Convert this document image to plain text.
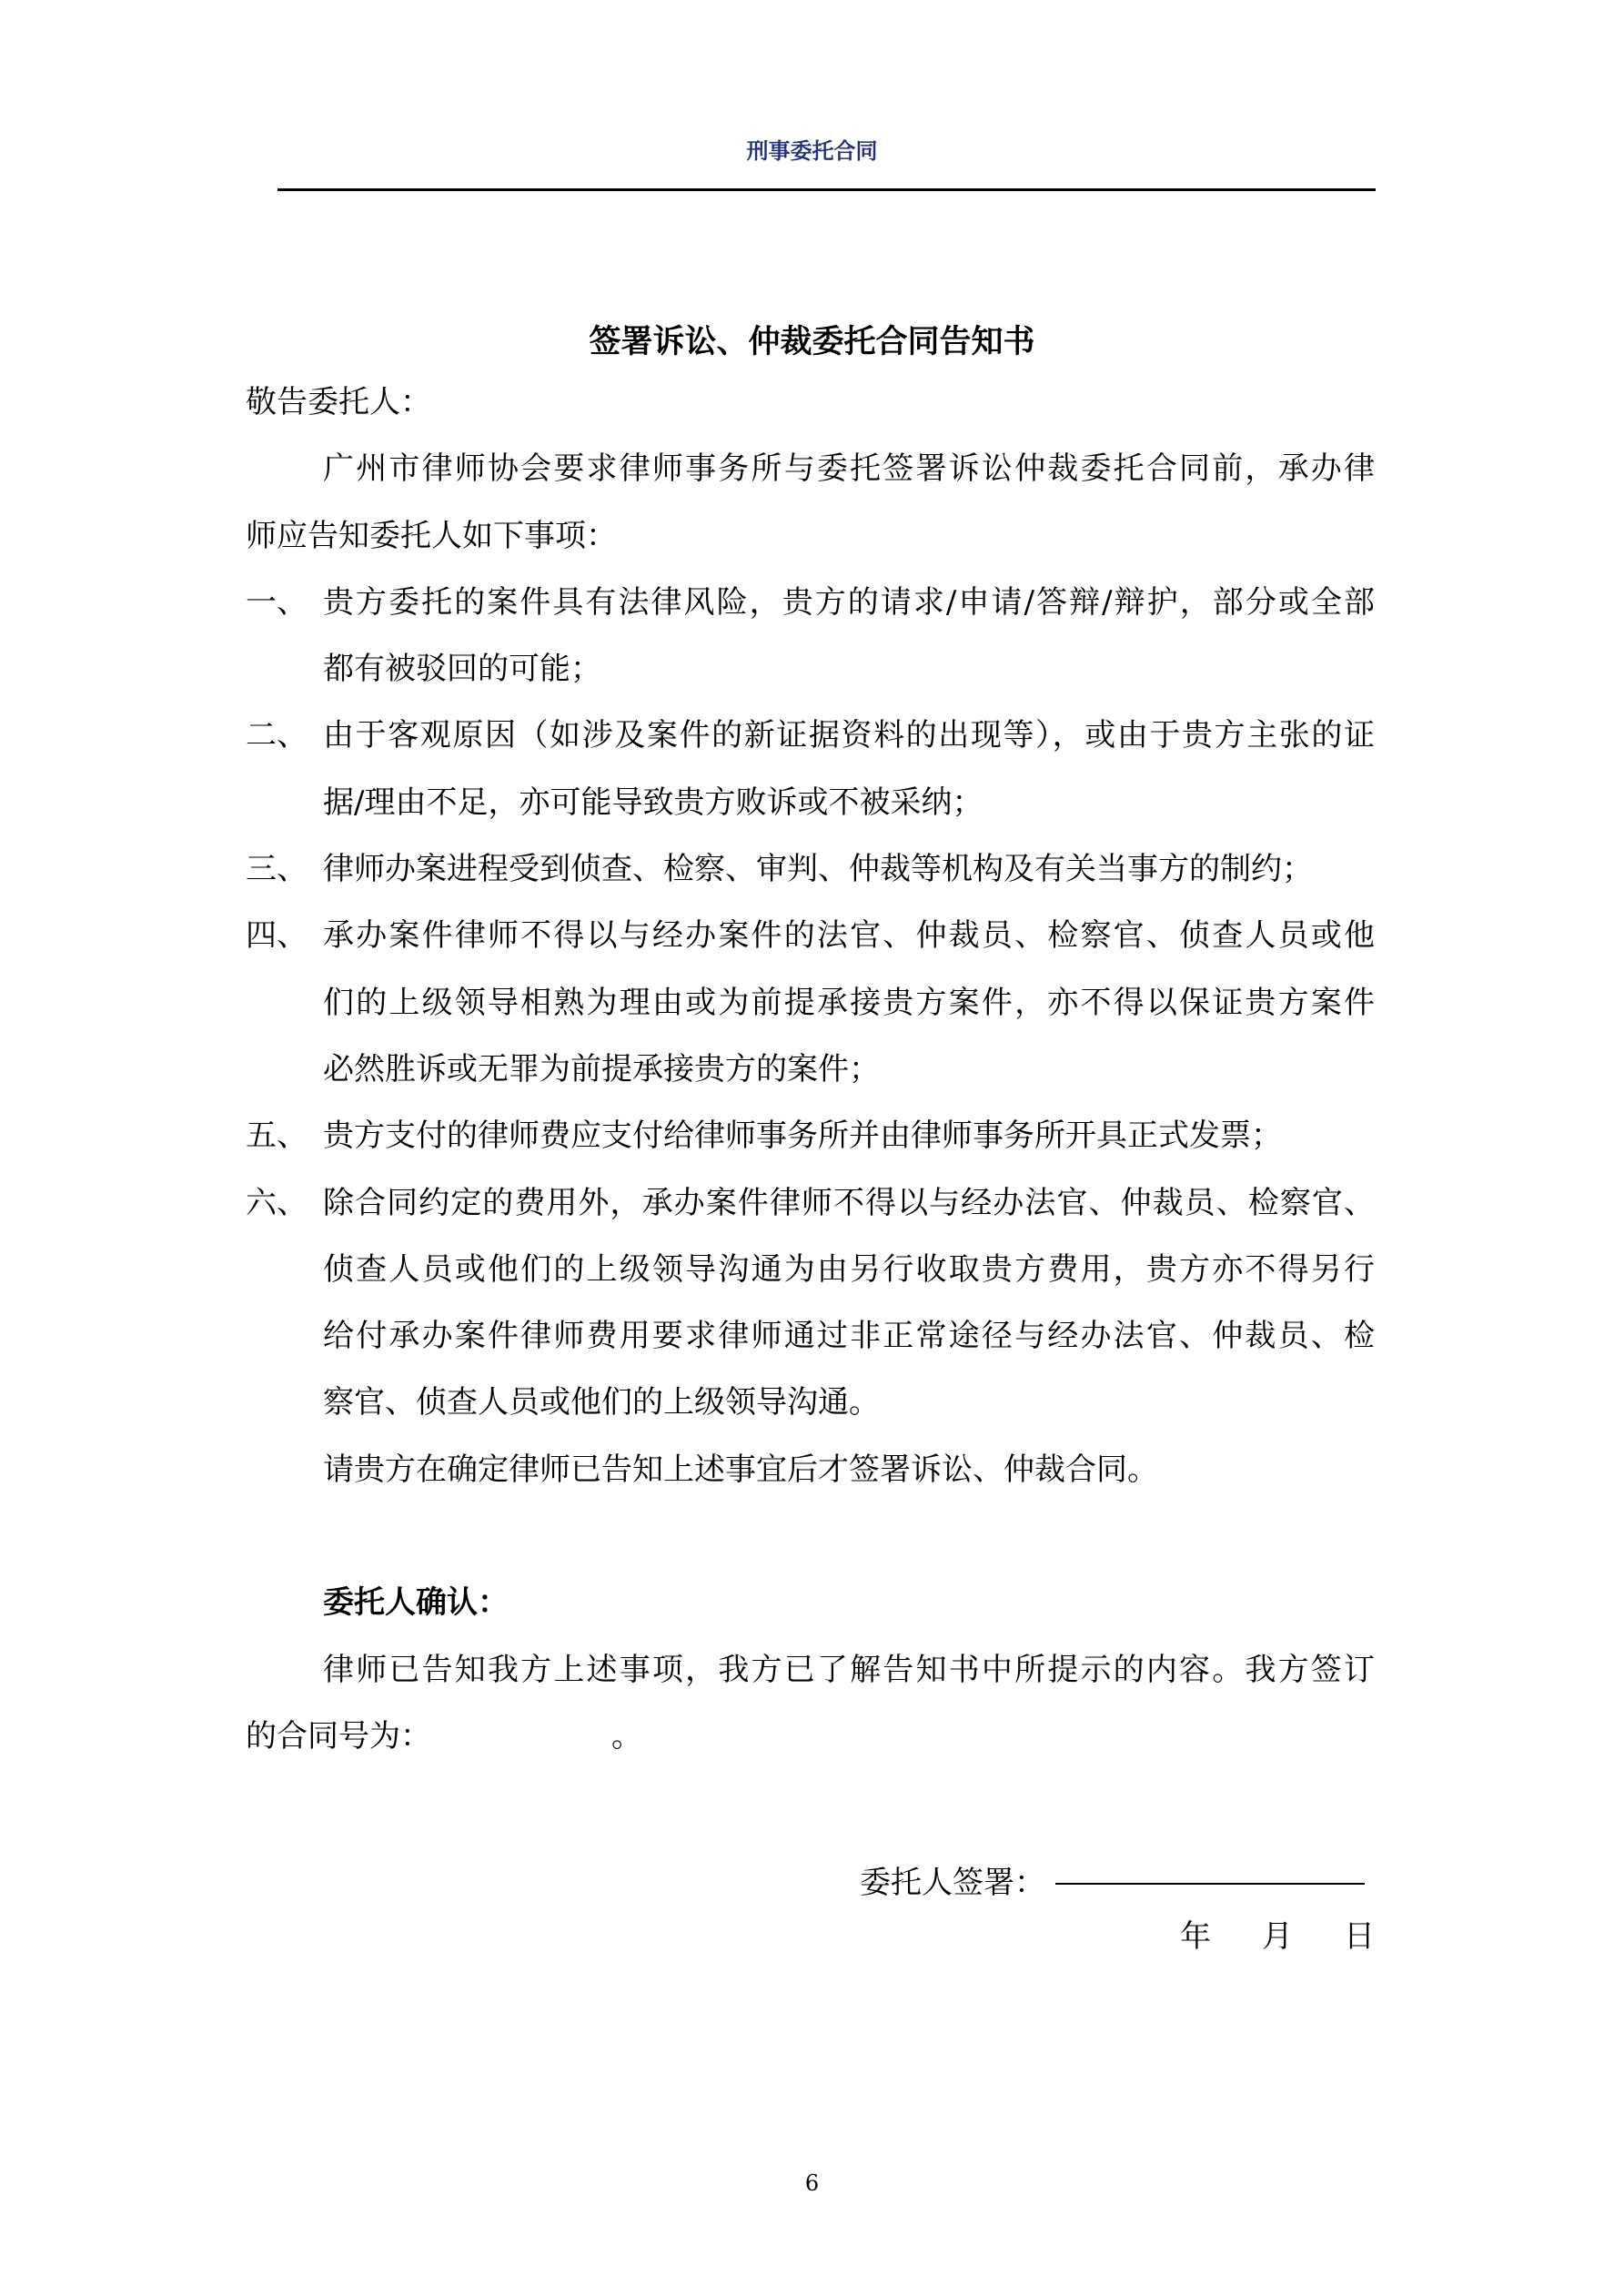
刑事委托合同
签署诉讼、仲裁委托合同告知书
敬告委托人：
广州市律师协会要求律师事务所与委托签署诉讼仲裁委托合同前，承办律
师应告知委托人如下事项：
一、 贵方委托的案件具有法律风险，贵方的请求/申请/答辩/辩护，部分或全部
都有被驳回的可能；
二、 由于客观原因（如涉及案件的新证据资料的出现等），或由于贵方主张的证
据/理由不足，亦可能导致贵方败诉或不被采纳；
三、 律师办案进程受到侦查、检察、审判、仲裁等机构及有关当事方的制约；
四、 承办案件律师不得以与经办案件的法官、仲裁员、检察官、侦查人员或他
们的上级领导相熟为理由或为前提承接贵方案件，亦不得以保证贵方案件
必然胜诉或无罪为前提承接贵方的案件；
五、 贵方支付的律师费应支付给律师事务所并由律师事务所开具正式发票；
六、 除合同约定的费用外，承办案件律师不得以与经办法官、仲裁员、检察官、
侦查人员或他们的上级领导沟通为由另行收取贵方费用，贵方亦不得另行
给付承办案件律师费用要求律师通过非正常途径与经办法官、仲裁员、检
察官、侦查人员或他们的上级领导沟通。
请贵方在确定律师已告知上述事宜后才签署诉讼、仲裁合同。
委托人确认：
律师已告知我方上述事项，我方已了解告知书中所提示的内容。我方签订
的合同号为：	。
委托人签署：
年 月 日
6
